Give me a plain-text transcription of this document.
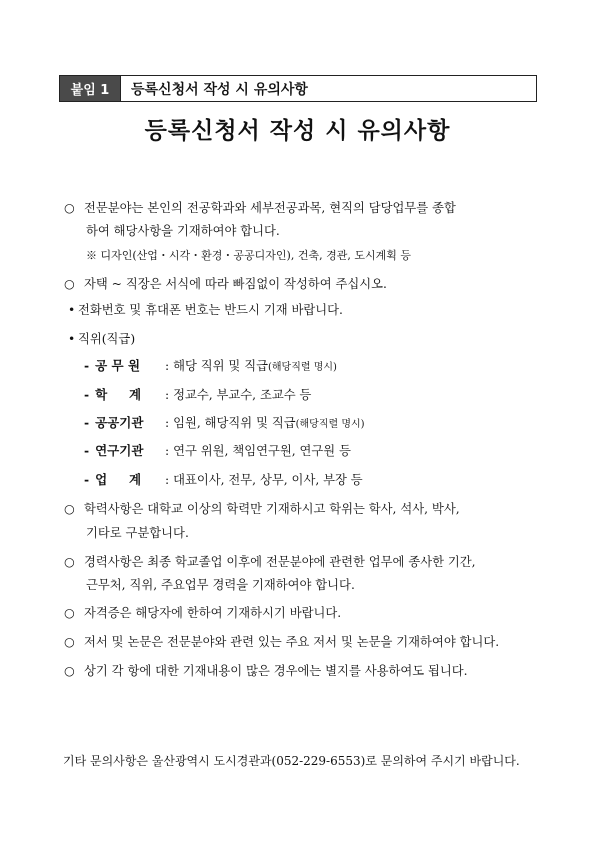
붙임 1	등록신청서 작성 시 유의사항
등록신청서 작성 시 유의사항
○ 전문분야는 본인의 전공학과와 세부전공과목, 현직의 담당업무를 종합
하여 해당사항을 기재하여야 합니다.
※ 디자인(산업・시각・환경・공공디자인), 건축, 경관, 도시계획 등
○ 자택 ~ 직장은 서식에 따라 빠짐없이 작성하여 주십시오.
• 전화번호 및 휴대폰 번호는 반드시 기재 바랍니다.
• 직위(직급)
- 공 무 원 : 해당 직위 및 직급(해당직렬 명시)
- 학     계 : 정교수, 부교수, 조교수 등
- 공공기관 : 임원, 해당직위 및 직급(해당직렬 명시)
- 연구기관 : 연구 위원, 책임연구원, 연구원 등
- 업     계 : 대표이사, 전무, 상무, 이사, 부장 등
○ 학력사항은 대학교 이상의 학력만 기재하시고 학위는 학사, 석사, 박사,
기타로 구분합니다.
○ 경력사항은 최종 학교졸업 이후에 전문분야에 관련한 업무에 종사한 기간,
근무처, 직위, 주요업무 경력을 기재하여야 합니다.
○ 자격증은 해당자에 한하여 기재하시기 바랍니다.
○ 저서 및 논문은 전문분야와 관련 있는 주요 저서 및 논문을 기재하여야 합니다.
○ 상기 각 항에 대한 기재내용이 많은 경우에는 별지를 사용하여도 됩니다.
기타 문의사항은 울산광역시 도시경관과(052-229-6553)로 문의하여 주시기 바랍니다.
